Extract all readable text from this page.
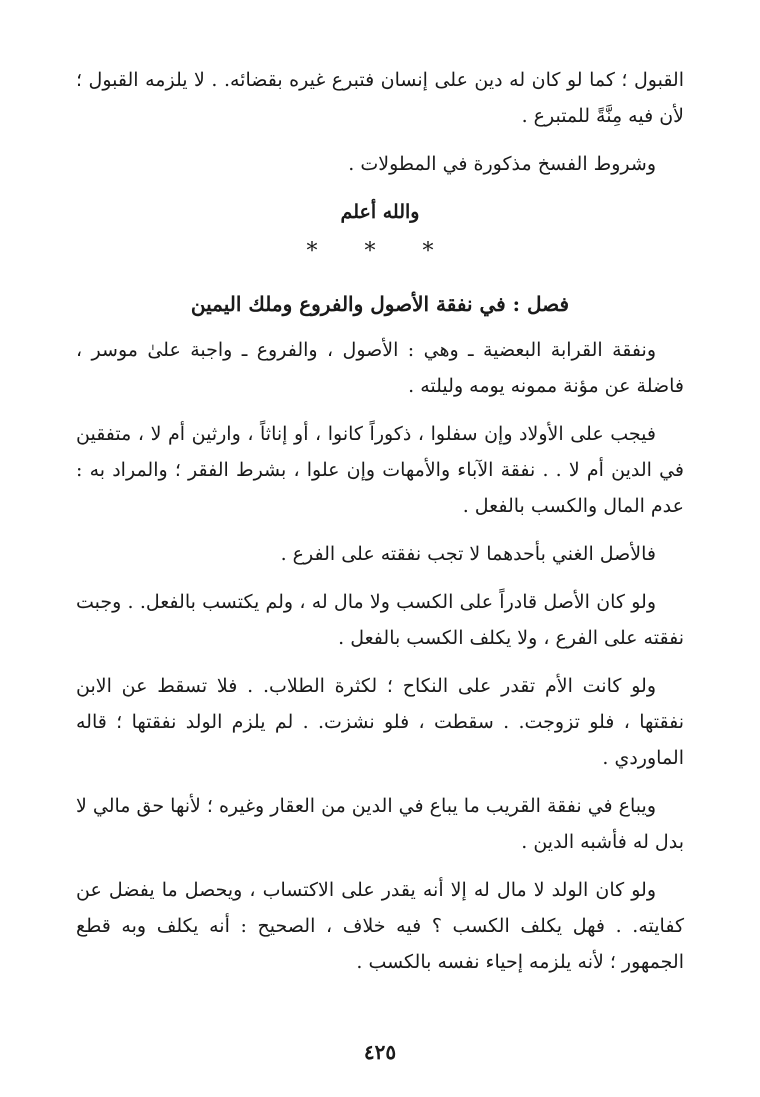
القبول ؛ كما لو كان له دين على إنسان فتبرع غيره بقضائه. . لا يلزمه القبول ؛ لأن فيه مِنَّةً للمتبرع .

وشروط الفسخ مذكورة في المطولات .

والله أعلم
* * *
فصل : في نفقة الأصول والفروع وملك اليمين

ونفقة القرابة البعضية ـ وهي : الأصول ، والفروع ـ واجبة علىٰ موسر ، فاضلة عن مؤنة ممونه يومه وليلته .

فيجب على الأولاد وإن سفلوا ، ذكوراً كانوا ، أو إناثاً ، وارثين أم لا ، متفقين في الدين أم لا . . نفقة الآباء والأمهات وإن علوا ، بشرط الفقر ؛ والمراد به : عدم المال والكسب بالفعل .

فالأصل الغني بأحدهما لا تجب نفقته على الفرع .

ولو كان الأصل قادراً على الكسب ولا مال له ، ولم يكتسب بالفعل. . وجبت نفقته على الفرع ، ولا يكلف الكسب بالفعل .

ولو كانت الأم تقدر على النكاح ؛ لكثرة الطلاب. . فلا تسقط عن الابن نفقتها ، فلو تزوجت. . سقطت ، فلو نشزت. . لم يلزم الولد نفقتها ؛ قاله الماوردي .

ويباع في نفقة القريب ما يباع في الدين من العقار وغيره ؛ لأنها حق مالي لا بدل له فأشبه الدين .

ولو كان الولد لا مال له إلا أنه يقدر على الاكتساب ، ويحصل ما يفضل عن كفايته. . فهل يكلف الكسب ؟ فيه خلاف ، الصحيح : أنه يكلف وبه قطع الجمهور ؛ لأنه يلزمه إحياء نفسه بالكسب .

٤٢٥
